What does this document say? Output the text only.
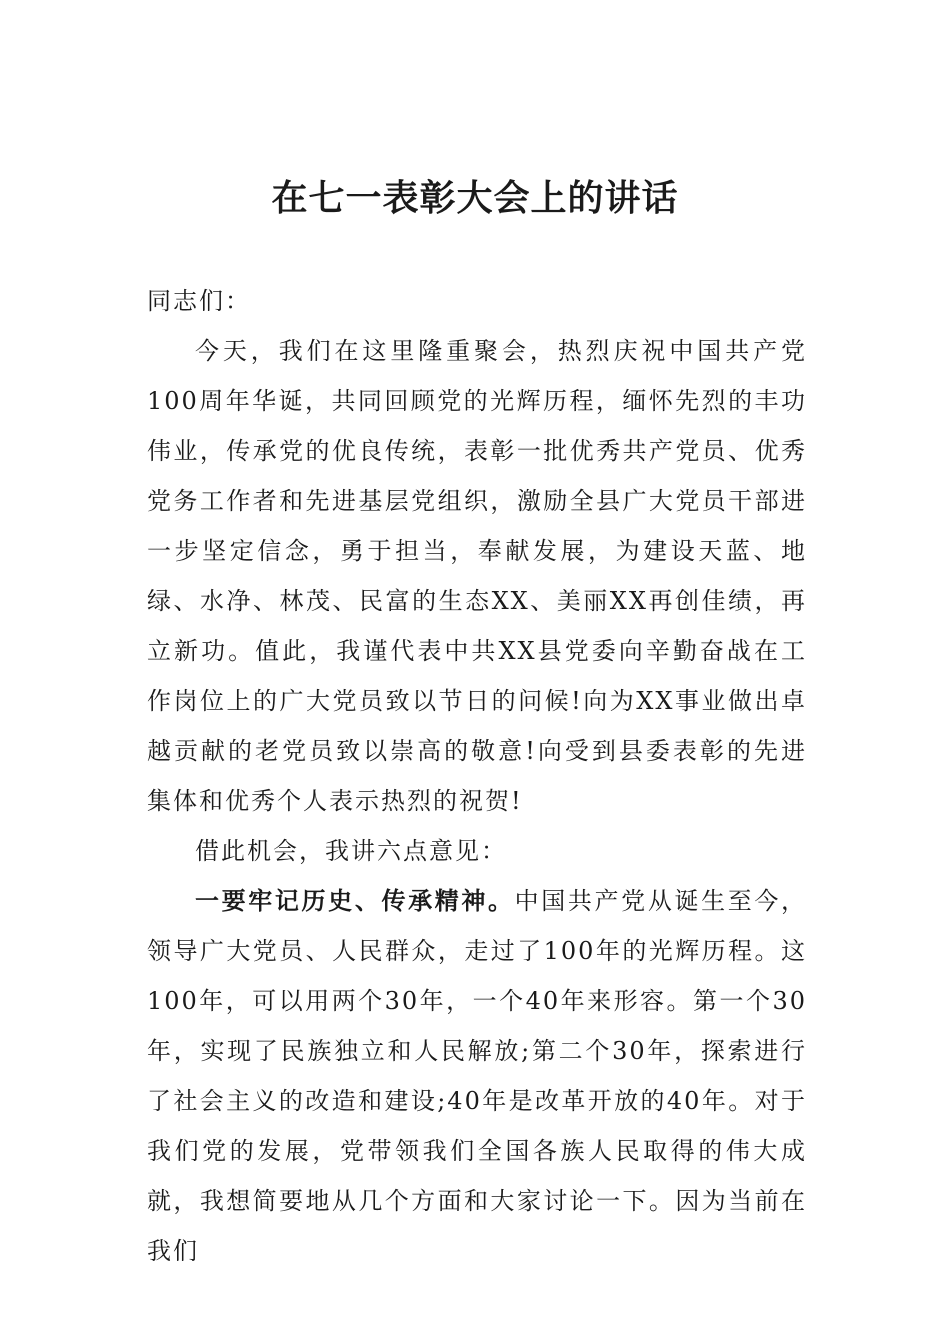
在七一表彰大会上的讲话

同志们：

今天，我们在这里隆重聚会，热烈庆祝中国共产党100周年华诞，共同回顾党的光辉历程，缅怀先烈的丰功伟业，传承党的优良传统，表彰一批优秀共产党员、优秀党务工作者和先进基层党组织，激励全县广大党员干部进一步坚定信念，勇于担当，奉献发展，为建设天蓝、地绿、水净、林茂、民富的生态XX、美丽XX再创佳绩，再立新功。值此，我谨代表中共XX县党委向辛勤奋战在工作岗位上的广大党员致以节日的问候!向为XX事业做出卓越贡献的老党员致以崇高的敬意!向受到县委表彰的先进集体和优秀个人表示热烈的祝贺!

借此机会，我讲六点意见：

一要牢记历史、传承精神。中国共产党从诞生至今，领导广大党员、人民群众，走过了100年的光辉历程。这100年，可以用两个30年，一个40年来形容。第一个30年，实现了民族独立和人民解放;第二个30年，探索进行了社会主义的改造和建设;40年是改革开放的40年。对于我们党的发展，党带领我们全国各族人民取得的伟大成就，我想简要地从几个方面和大家讨论一下。因为当前在我们
